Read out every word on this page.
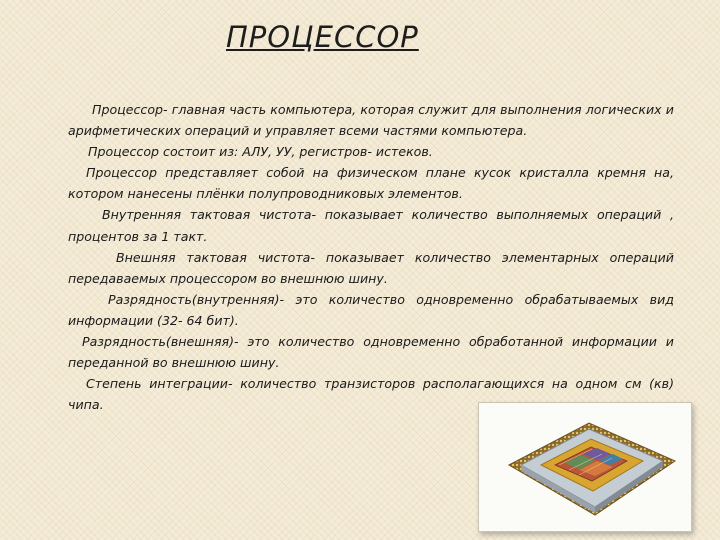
ПРОЦЕССОР

Процессор- главная часть компьютера, которая служит для выполнения логических и арифметических операций и управляет всеми частями компьютера.

Процессор состоит из: АЛУ, УУ, регистров- истеков.

Процессор представляет собой на физическом плане кусок кристалла кремня на, котором нанесены плёнки полупроводниковых элементов.

Внутренняя тактовая чистота- показывает количество выполняемых операций , процентов за 1 такт.

Внешняя тактовая чистота- показывает количество элементарных операций передаваемых процессором во внешнюю шину.

Разрядность(внутренняя)- это количество одновременно обрабатываемых вид информации (32- 64 бит).

Разрядность(внешняя)- это количество одновременно обработанной информации и переданной во внешнюю шину.

Степень интеграции- количество транзисторов располагающихся на одном см (кв) чипа.
